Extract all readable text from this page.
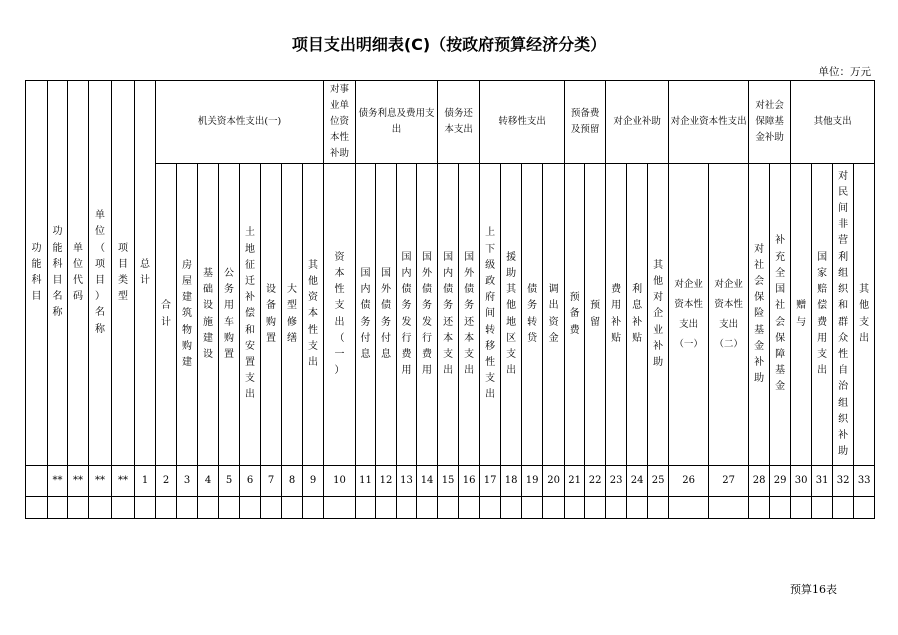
项目支出明细表(C)（按政府预算经济分类）
单位：万元
功能科目	功能科目名称	单位代码	单位（项目）名称	项目类型	总计	机关资本性支出(一)								对事业单位资本性补助	债务利息及费用支出				债务还本支出		转移性支出				预备费及预留		对企业补助			对企业资本性支出		对社会保障基金补助		其他支出			

						合计	房屋建筑物购建	基础设施建设	公务用车购置	土地征迁补偿和安置支出	设备购置	大型修缮	其他资本性支出	资本性支出（一）	国内债务付息	国外债务付息	国内债务发行费用	国外债务发行费用	国内债务还本支出	国外债务还本支出	上下级政府间转移性支出	援助其他地区支出	债务转贷	调出资金	预备费	预留	费用补贴	利息补贴	其他对企业补助	对企业资本性支出（一）	对企业资本性支出（二）	对社会保险基金补助	补充全国社会保障基金	赠与	国家赔偿费用支出	对民间非营利组织和群众性自治组织补助	其他支出

	**	**	**	**	1	2	3	4	5	6	7	8	9	10	11	12	13	14	15	16	17	18	19	20	21	22	23	24	25	26	27	28	29	30	31	32	33

预算16表
